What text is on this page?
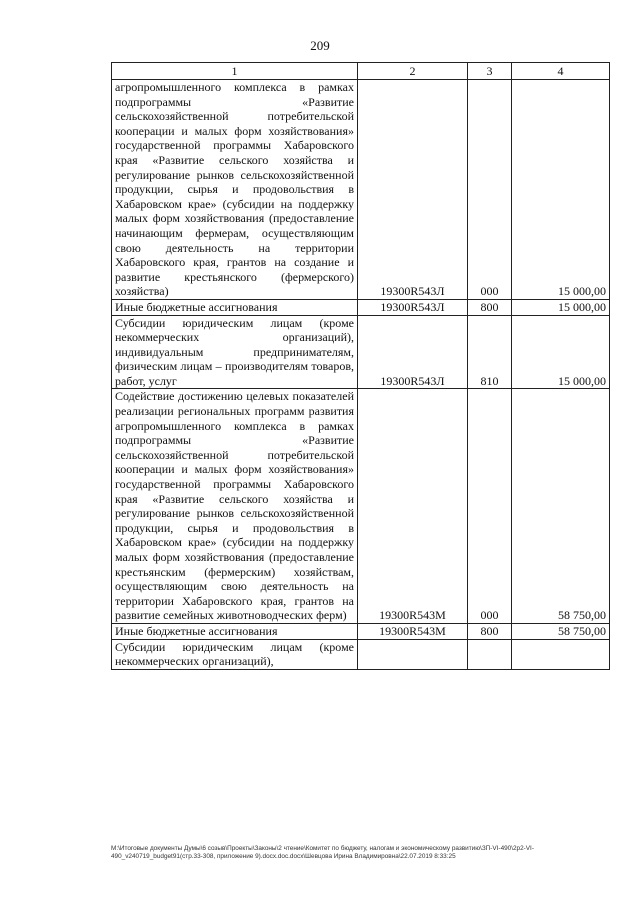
209
1	2	3	4
агропромышленного комплекса в рамках подпрограммы «Развитие сельскохозяйственной потребительской кооперации и малых форм хозяйствования» государственной программы Хабаровского края «Развитие сельского хозяйства и регулирование рынков сельскохозяйственной продукции, сырья и продовольствия в Хабаровском крае» (субсидии на поддержку малых форм хозяйствования (предоставление начинающим фермерам, осуществляющим свою деятельность на территории Хабаровского края, грантов на создание и развитие крестьянского (фермерского) хозяйства)	19300R543Л	000	15 000,00
Иные бюджетные ассигнования	19300R543Л	800	15 000,00
Субсидии юридическим лицам (кроме некоммерческих организаций), индивидуальным предпринимателям, физическим лицам – производителям товаров, работ, услуг	19300R543Л	810	15 000,00
Содействие достижению целевых показателей реализации региональных программ развития агропромышленного комплекса в рамках подпрограммы «Развитие сельскохозяйственной потребительской кооперации и малых форм хозяйствования» государственной программы Хабаровского края «Развитие сельского хозяйства и регулирование рынков сельскохозяйственной продукции, сырья и продовольствия в Хабаровском крае» (субсидии на поддержку малых форм хозяйствования (предоставление крестьянским (фермерским) хозяйствам, осуществляющим свою деятельность на территории Хабаровского края, грантов на развитие семейных животноводческих ферм)	19300R543M	000	58 750,00
Иные бюджетные ассигнования	19300R543M	800	58 750,00
Субсидии юридическим лицам (кроме некоммерческих организаций),			
M:\Итоговые документы Думы\6 созыв\Проекты\Законы\2 чтение\Комитет по бюджету, налогам и экономическому развитию\ЗП-VI-490\2р2-VI-490_v240719_budget91(стр.33-308, приложение 9).docx.doc.docx\Шевцова Ирина Владимировна\22.07.2019 8:33:25
